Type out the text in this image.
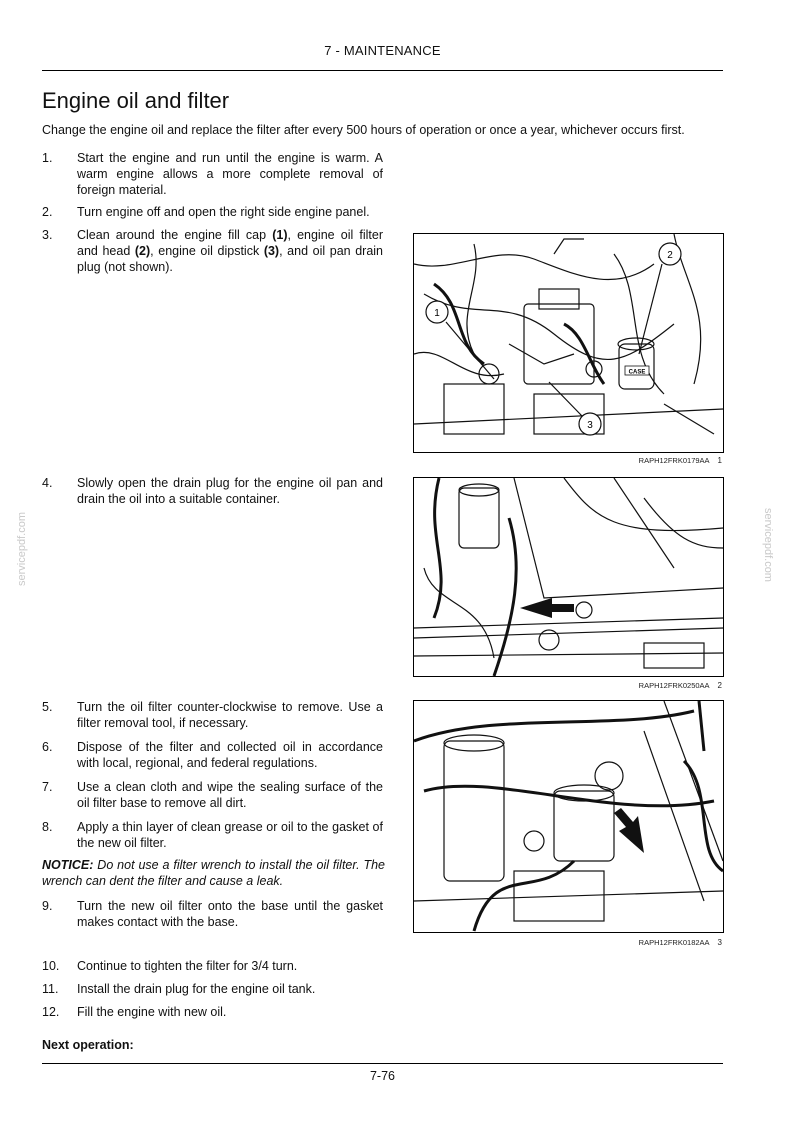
7 - MAINTENANCE
Engine oil and filter
Change the engine oil and replace the filter after every 500 hours of operation or once a year, whichever occurs first.
1. Start the engine and run until the engine is warm. A warm engine allows a more complete removal of foreign material.
2. Turn engine off and open the right side engine panel.
3. Clean around the engine fill cap (1), engine oil filter and head (2), engine oil dipstick (3), and oil pan drain plug (not shown).
4. Slowly open the drain plug for the engine oil pan and drain the oil into a suitable container.
5. Turn the oil filter counter-clockwise to remove. Use a filter removal tool, if necessary.
6. Dispose of the filter and collected oil in accordance with local, regional, and federal regulations.
7. Use a clean cloth and wipe the sealing surface of the oil filter base to remove all dirt.
8. Apply a thin layer of clean grease or oil to the gasket of the new oil filter.
NOTICE: Do not use a filter wrench to install the oil filter. The wrench can dent the filter and cause a leak.
9. Turn the new oil filter onto the base until the gasket makes contact with the base.
10. Continue to tighten the filter for 3/4 turn.
11. Install the drain plug for the engine oil tank.
12. Fill the engine with new oil.
Next operation:
CASE
1
2
3
RAPH12FRK0179AA 1
RAPH12FRK0250AA 2
RAPH12FRK0182AA 3
servicepdf.com	servicepdf.com
7-76
